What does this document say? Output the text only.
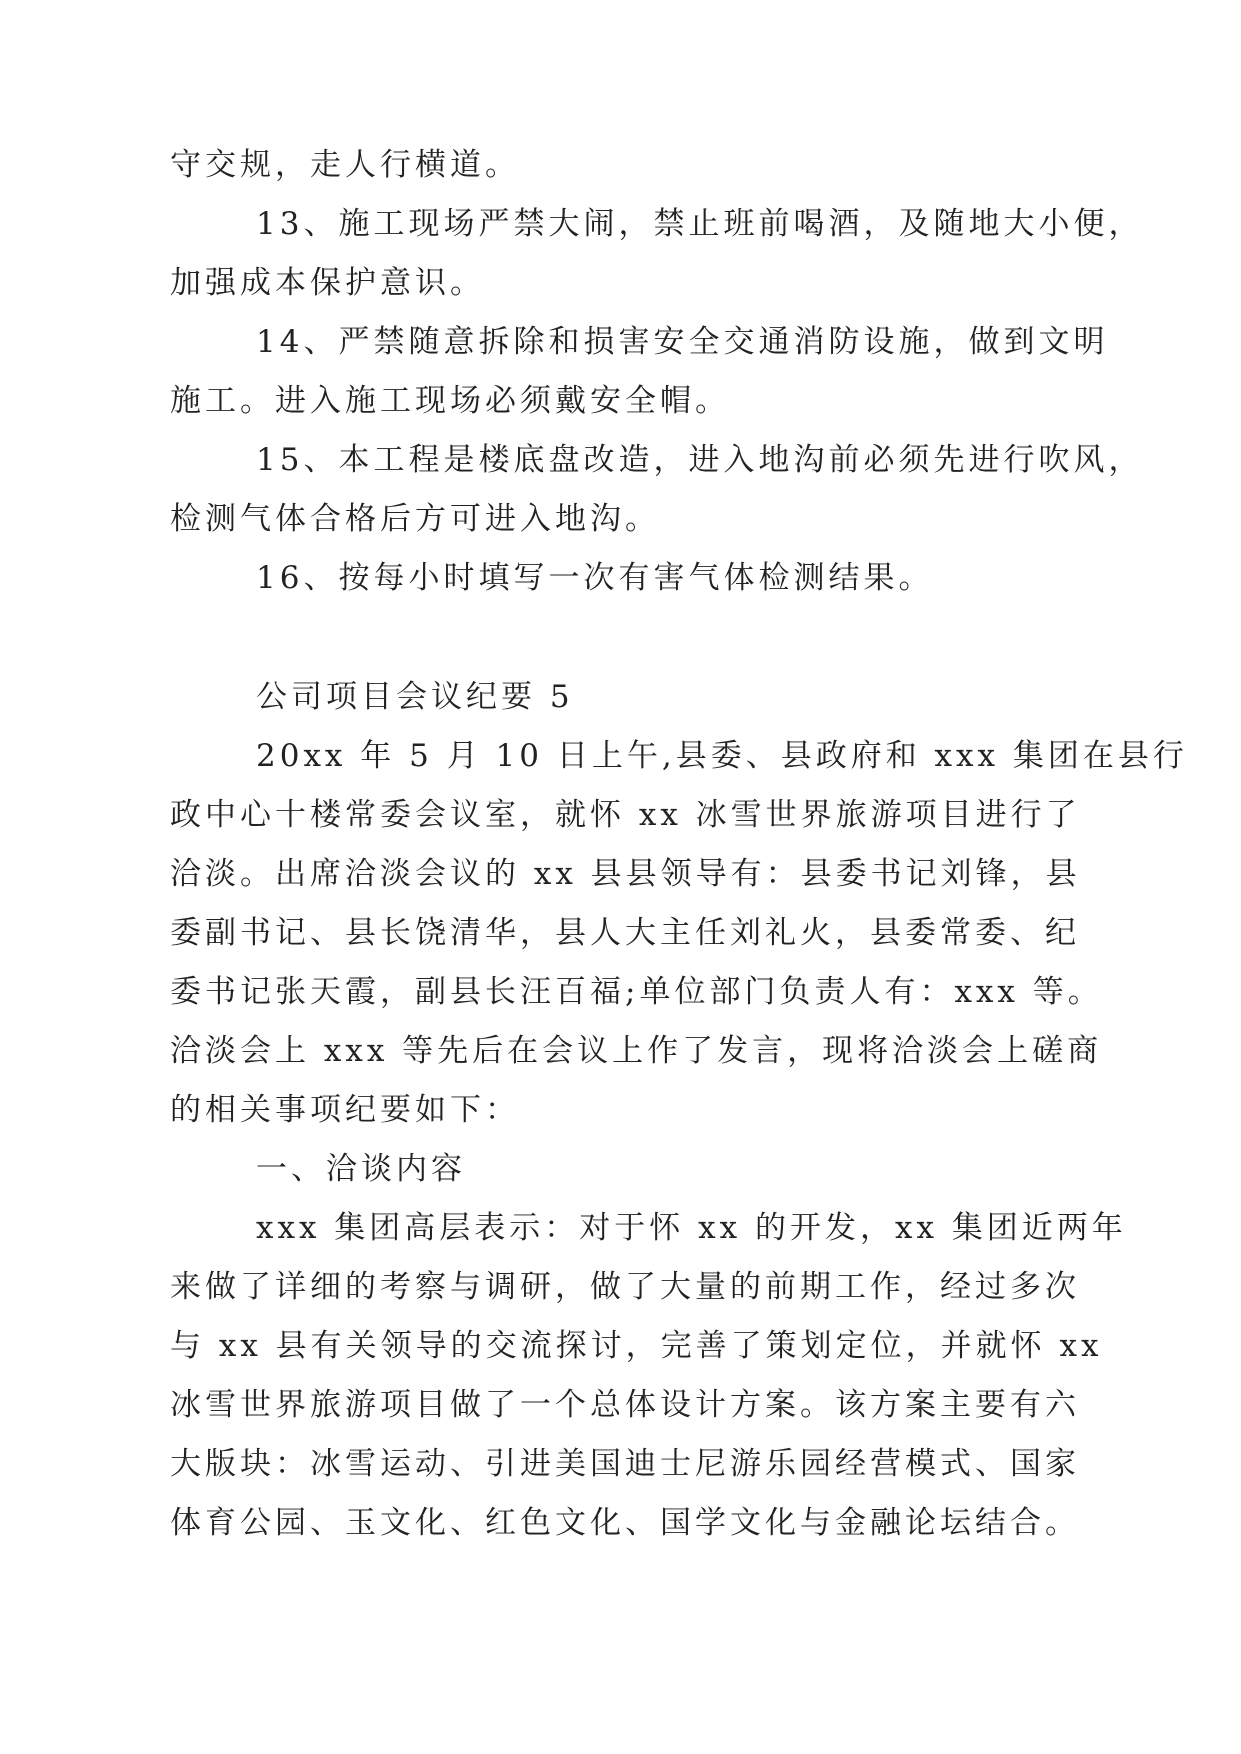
守交规，走人行横道。
13、施工现场严禁大闹，禁止班前喝酒，及随地大小便，
加强成本保护意识。
14、严禁随意拆除和损害安全交通消防设施，做到文明
施工。进入施工现场必须戴安全帽。
15、本工程是楼底盘改造，进入地沟前必须先进行吹风，
检测气体合格后方可进入地沟。
16、按每小时填写一次有害气体检测结果。
公司项目会议纪要 5
20xx 年 5 月 10 日上午,县委、县政府和 xxx 集团在县行
政中心十楼常委会议室，就怀 xx 冰雪世界旅游项目进行了
洽淡。出席洽淡会议的 xx 县县领导有：县委书记刘锋，县
委副书记、县长饶清华，县人大主任刘礼火，县委常委、纪
委书记张天霞，副县长汪百福;单位部门负责人有：xxx 等。
洽淡会上 xxx 等先后在会议上作了发言，现将洽淡会上磋商
的相关事项纪要如下：
一、洽谈内容
xxx 集团高层表示：对于怀 xx 的开发，xx 集团近两年
来做了详细的考察与调研，做了大量的前期工作，经过多次
与 xx 县有关领导的交流探讨，完善了策划定位，并就怀 xx
冰雪世界旅游项目做了一个总体设计方案。该方案主要有六
大版块：冰雪运动、引进美国迪士尼游乐园经营模式、国家
体育公园、玉文化、红色文化、国学文化与金融论坛结合。
